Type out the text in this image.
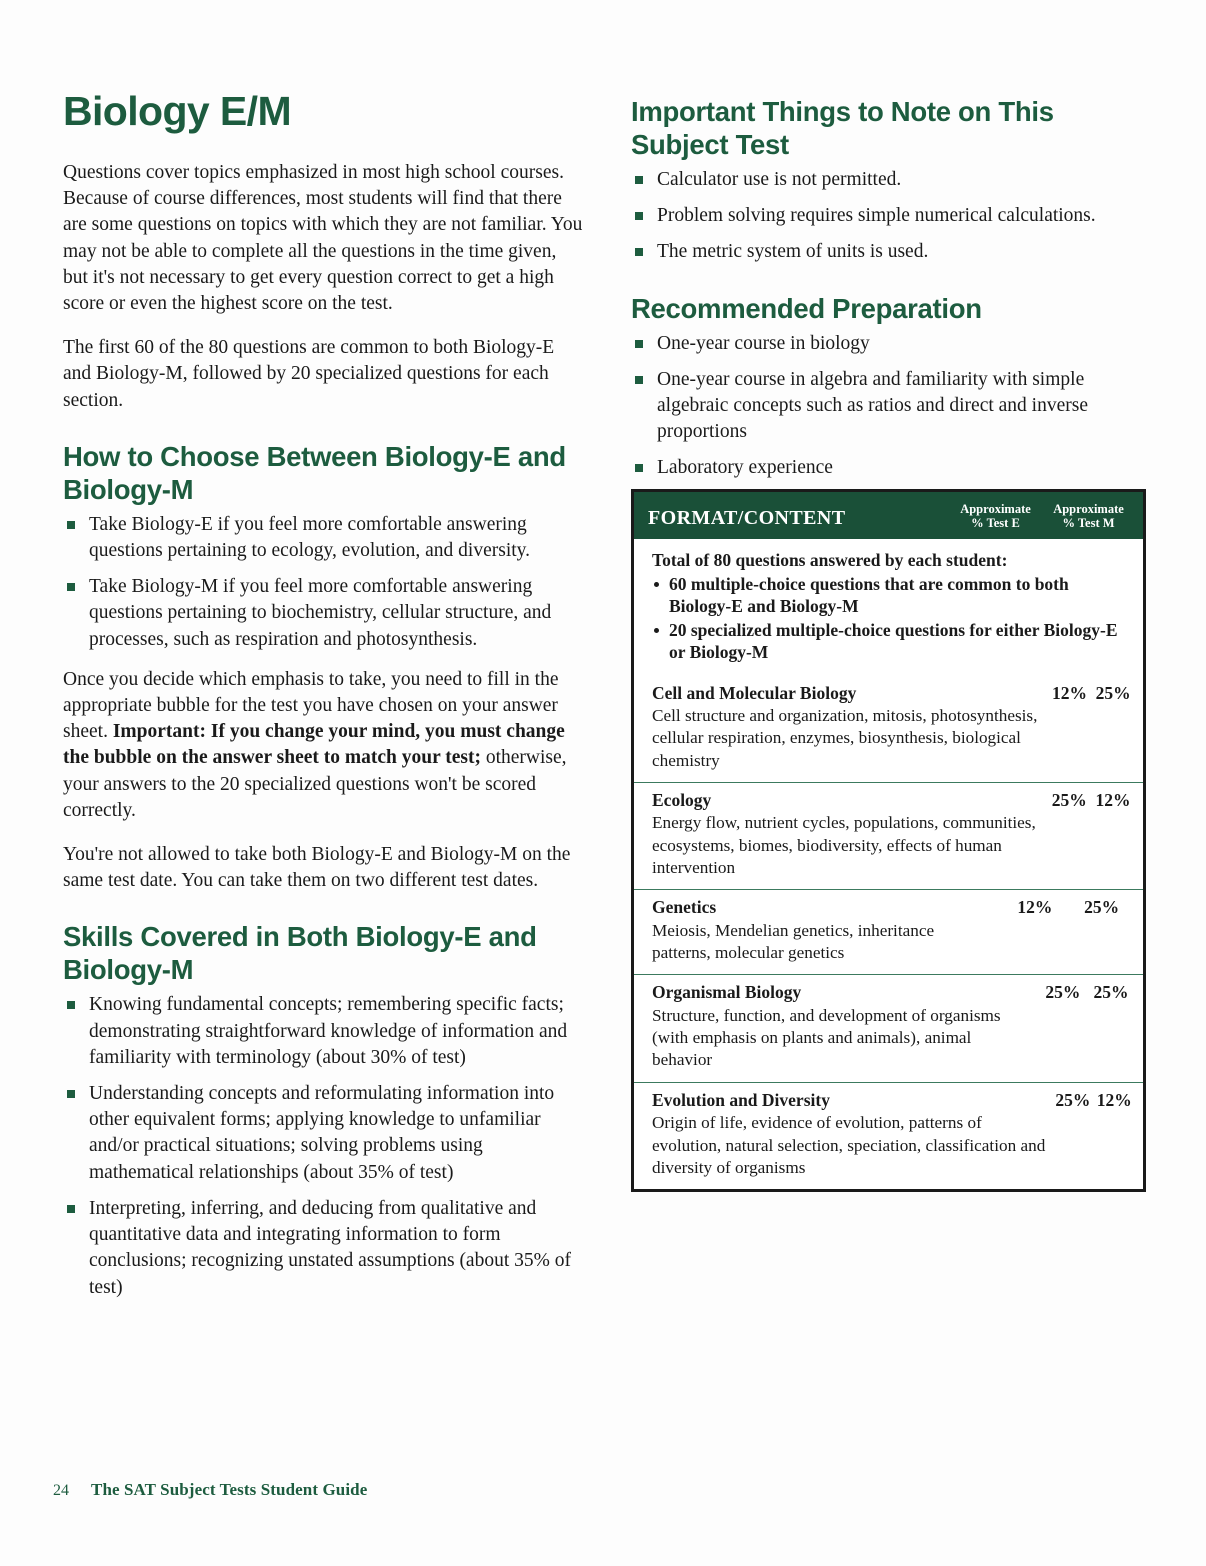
Biology E/M

Questions cover topics emphasized in most high school courses. Because of course differences, most students will find that there are some questions on topics with which they are not familiar. You may not be able to complete all the questions in the time given, but it's not necessary to get every question correct to get a high score or even the highest score on the test.

The first 60 of the 80 questions are common to both Biology-E and Biology-M, followed by 20 specialized questions for each section.

How to Choose Between Biology-E and Biology-M
Take Biology-E if you feel more comfortable answering questions pertaining to ecology, evolution, and diversity.
Take Biology-M if you feel more comfortable answering questions pertaining to biochemistry, cellular structure, and processes, such as respiration and photosynthesis.

Once you decide which emphasis to take, you need to fill in the appropriate bubble for the test you have chosen on your answer sheet. Important: If you change your mind, you must change the bubble on the answer sheet to match your test; otherwise, your answers to the 20 specialized questions won't be scored correctly.

You're not allowed to take both Biology-E and Biology-M on the same test date. You can take them on two different test dates.

Skills Covered in Both Biology-E and Biology-M
Knowing fundamental concepts; remembering specific facts; demonstrating straightforward knowledge of information and familiarity with terminology (about 30% of test)
Understanding concepts and reformulating information into other equivalent forms; applying knowledge to unfamiliar and/or practical situations; solving problems using mathematical relationships (about 35% of test)
Interpreting, inferring, and deducing from qualitative and quantitative data and integrating information to form conclusions; recognizing unstated assumptions (about 35% of test)
Important Things to Note on This Subject Test
Calculator use is not permitted.
Problem solving requires simple numerical calculations.
The metric system of units is used.
Recommended Preparation
One-year course in biology
One-year course in algebra and familiarity with simple algebraic concepts such as ratios and direct and inverse proportions
Laboratory experience
FORMAT/CONTENT	Approximate
% Test E
Approximate
% Test M
Total of 80 questions answered by each student:
60 multiple-choice questions that are common to both Biology-E and Biology-M
20 specialized multiple-choice questions for either Biology-E or Biology-M
Cell and Molecular Biology
Cell structure and organization, mitosis, photosynthesis, cellular respiration, enzymes, biosynthesis, biological chemistry
12% 25%
Ecology
Energy flow, nutrient cycles, populations, communities, ecosystems, biomes, biodiversity, effects of human intervention
25% 12%
Genetics
Meiosis, Mendelian genetics, inheritance patterns, molecular genetics
12%	25%
Organismal Biology
Structure, function, and development of organisms (with emphasis on plants and animals), animal behavior
25% 25%
Evolution and Diversity
Origin of life, evidence of evolution, patterns of evolution, natural selection, speciation, classification and diversity of organisms
25% 12%
24	The SAT Subject Tests Student Guide
